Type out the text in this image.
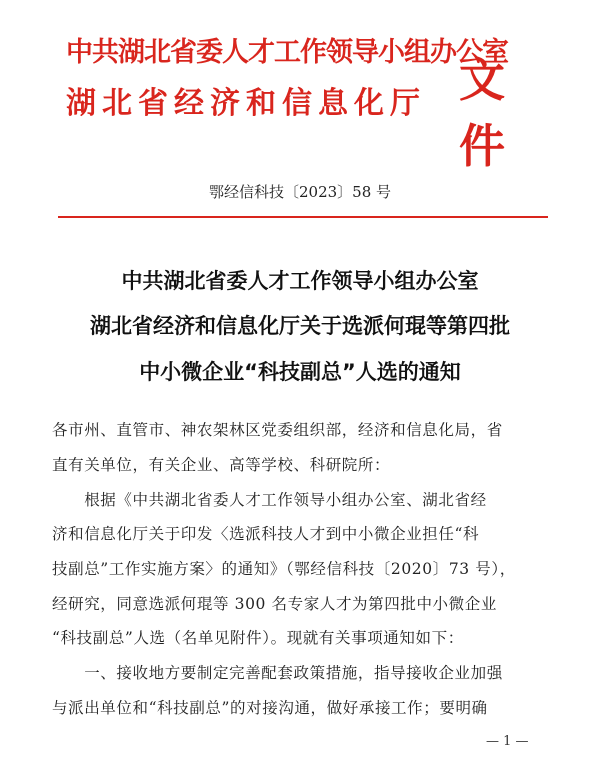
中共湖北省委人才工作领导小组办公室
湖北省经济和信息化厅 文件
鄂经信科技〔2023〕58 号
中共湖北省委人才工作领导小组办公室
湖北省经济和信息化厅关于选派何琨等第四批
中小微企业“科技副总”人选的通知
各市州、直管市、神农架林区党委组织部，经济和信息化局，省
直有关单位，有关企业、高等学校、科研院所：
　　根据《中共湖北省委人才工作领导小组办公室、湖北省经
济和信息化厅关于印发〈选派科技人才到中小微企业担任“科
技副总”工作实施方案〉的通知》（鄂经信科技〔2020〕73 号），
经研究，同意选派何琨等 300 名专家人才为第四批中小微企业
“科技副总”人选（名单见附件）。现就有关事项通知如下：
　　一、接收地方要制定完善配套政策措施，指导接收企业加强
与派出单位和“科技副总”的对接沟通，做好承接工作；要明确
— 1 —
